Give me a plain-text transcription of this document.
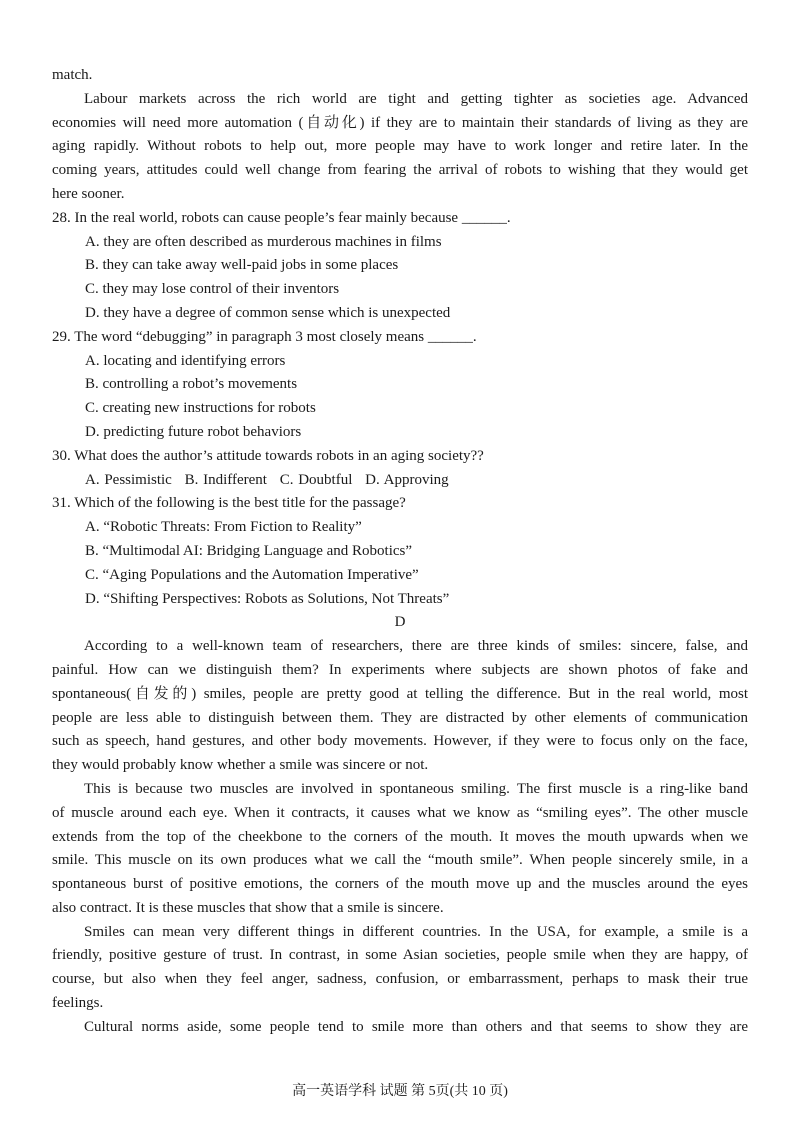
match.
Labour markets across the rich world are tight and getting tighter as societies age. Advanced
economies will need more automation (自动化) if they are to maintain their standards of living as they are
aging rapidly. Without robots to help out, more people may have to work longer and retire later. In the
coming years, attitudes could well change from fearing the arrival of robots to wishing that they would get
here sooner.
28. In the real world, robots can cause people’s fear mainly because ______.
A. they are often described as murderous machines in films
B. they can take away well-paid jobs in some places
C. they may lose control of their inventors
D. they have a degree of common sense which is unexpected
29. The word “debugging” in paragraph 3 most closely means ______.
A. locating and identifying errors
B. controlling a robot’s movements
C. creating new instructions for robots
D. predicting future robot behaviors
30. What does the author’s attitude towards robots in an aging society??
A. Pessimistic B. Indifferent C. Doubtful D. Approving
31. Which of the following is the best title for the passage?
A. “Robotic Threats: From Fiction to Reality”
B. “Multimodal AI: Bridging Language and Robotics”
C. “Aging Populations and the Automation Imperative”
D. “Shifting Perspectives: Robots as Solutions, Not Threats”
D
According to a well-known team of researchers, there are three kinds of smiles: sincere, false, and
painful. How can we distinguish them? In experiments where subjects are shown photos of fake and
spontaneous(自发的) smiles, people are pretty good at telling the difference. But in the real world, most
people are less able to distinguish between them. They are distracted by other elements of communication
such as speech, hand gestures, and other body movements. However, if they were to focus only on the face,
they would probably know whether a smile was sincere or not.
This is because two muscles are involved in spontaneous smiling. The first muscle is a ring-like band
of muscle around each eye. When it contracts, it causes what we know as “smiling eyes”. The other muscle
extends from the top of the cheekbone to the corners of the mouth. It moves the mouth upwards when we
smile. This muscle on its own produces what we call the “mouth smile”. When people sincerely smile, in a
spontaneous burst of positive emotions, the corners of the mouth move up and the muscles around the eyes
also contract. It is these muscles that show that a smile is sincere.
Smiles can mean very different things in different countries. In the USA, for example, a smile is a
friendly, positive gesture of trust. In contrast, in some Asian societies, people smile when they are happy, of
course, but also when they feel anger, sadness, confusion, or embarrassment, perhaps to mask their true
feelings.
Cultural norms aside, some people tend to smile more than others and that seems to show they are
高一英语学科 试题 第 5页(共 10 页)
